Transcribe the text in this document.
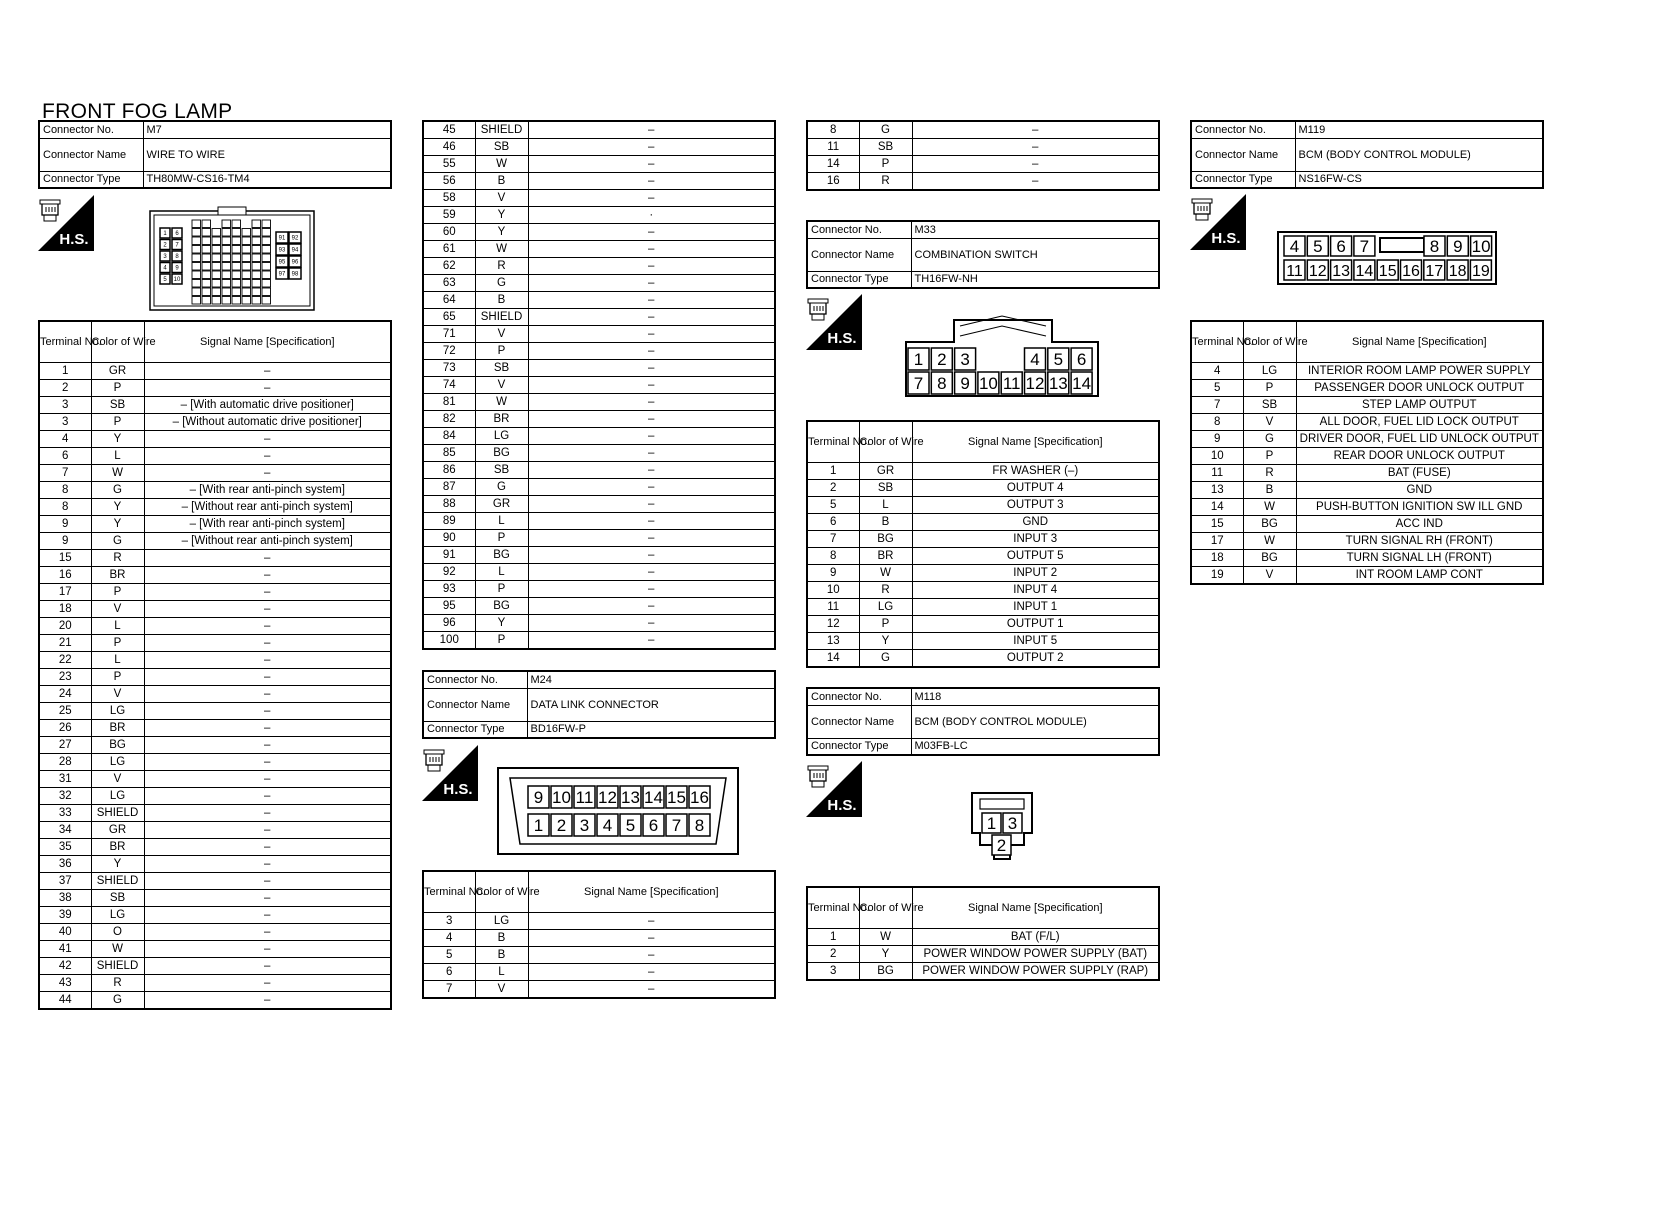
FRONT FOG LAMP
Connector No.	M7
Connector Name	WIRE TO WIRE
Connector Type	TH80MW-CS16-TM4
H.S.	1 6
2 7
3 8
4 9
5 10
91 92
93 94
95 96
97 98
Terminal No.	Color of Wire	Signal Name [Specification]
1	GR	–
2	P	–
3	SB	– [With automatic drive positioner]
3	P	– [Without automatic drive positioner]
4	Y	–
6	L	–
7	W	–
8	G	– [With rear anti-pinch system]
8	Y	– [Without rear anti-pinch system]
9	Y	– [With rear anti-pinch system]
9	G	– [Without rear anti-pinch system]
15	R	–
16	BR	–
17	P	–
18	V	–
20	L	–
21	P	–
22	L	–
23	P	–
24	V	–
25	LG	–
26	BR	–
27	BG	–
28	LG	–
31	V	–
32	LG	–
33	SHIELD	–
34	GR	–
35	BR	–
36	Y	–
37	SHIELD	–
38	SB	–
39	LG	–
40	O	–
41	W	–
42	SHIELD	–
43	R	–
44	G	–
45	SHIELD	–
46	SB	–
55	W	–
56	B	–
58	V	–
59	Y	·
60	Y	–
61	W	–
62	R	–
63	G	–
64	B	–
65	SHIELD	–
71	V	–
72	P	–
73	SB	–
74	V	–
81	W	–
82	BR	–
84	LG	–
85	BG	–
86	SB	–
87	G	–
88	GR	–
89	L	–
90	P	–
91	BG	–
92	L	–
93	P	–
95	BG	–
96	Y	–
100	P	–
Connector No.	M24
Connector Name	DATA LINK CONNECTOR
Connector Type	BD16FW-P
H.S.	9 10 11 12 13 14 15 16
1 2 3 4 5 6 7 8
Terminal No.	Color of Wire	Signal Name [Specification]
3	LG	–
4	B	–
5	B	–
6	L	–
7	V	–
8	G	–
11	SB	–
14	P	–
16	R	–
Connector No.	M33
Connector Name	COMBINATION SWITCH
Connector Type	TH16FW-NH
H.S.
1 2 3	4 5 6
7 8 9 10 11 12 13 14
Terminal No.	Color of Wire	Signal Name [Specification]
1	GR	FR WASHER (–)
2	SB	OUTPUT 4
5	L	OUTPUT 3
6	B	GND
7	BG	INPUT 3
8	BR	OUTPUT 5
9	W	INPUT 2
10	R	INPUT 4
11	LG	INPUT 1
12	P	OUTPUT 1
13	Y	INPUT 5
14	G	OUTPUT 2
Connector No.	M118
Connector Name	BCM (BODY CONTROL MODULE)
Connector Type	M03FB-LC
H.S.
1 3
2
Terminal No.	Color of Wire	Signal Name [Specification]
1	W	BAT (F/L)
2	Y	POWER WINDOW POWER SUPPLY (BAT)
3	BG	POWER WINDOW POWER SUPPLY (RAP)
Connector No.	M119
Connector Name	BCM (BODY CONTROL MODULE)
Connector Type	NS16FW-CS
H.S.	4 5 6 7	8 9 10
11 12 13 14 15 16 17 18 19
Terminal No.	Color of Wire	Signal Name [Specification]
4	LG	INTERIOR ROOM LAMP POWER SUPPLY
5	P	PASSENGER DOOR UNLOCK OUTPUT
7	SB	STEP LAMP OUTPUT
8	V	ALL DOOR, FUEL LID LOCK OUTPUT
9	G	DRIVER DOOR, FUEL LID UNLOCK OUTPUT
10	P	REAR DOOR UNLOCK OUTPUT
11	R	BAT (FUSE)
13	B	GND
14	W	PUSH-BUTTON IGNITION SW ILL GND
15	BG	ACC IND
17	W	TURN SIGNAL RH (FRONT)
18	BG	TURN SIGNAL LH (FRONT)
19	V	INT ROOM LAMP CONT
